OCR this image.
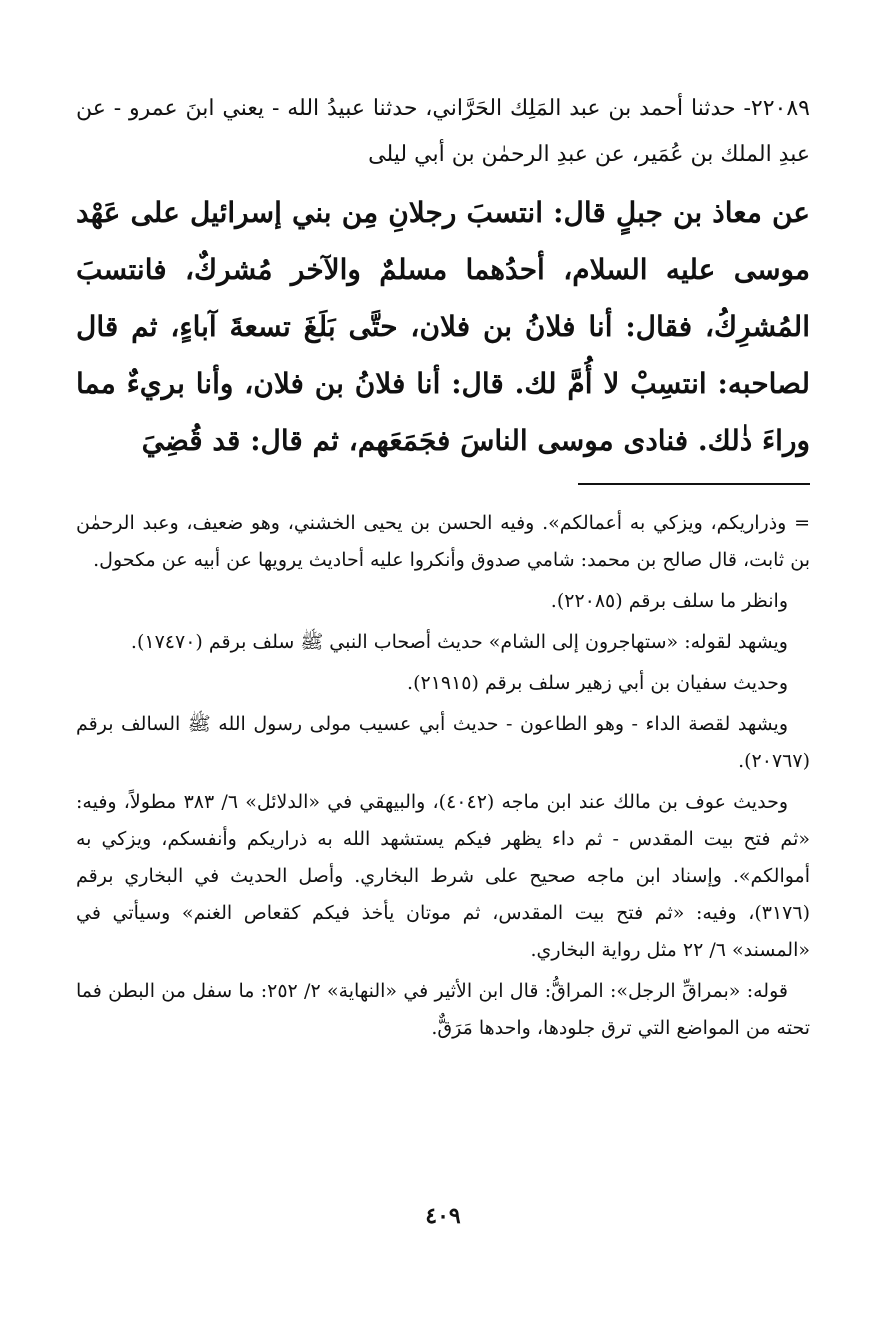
٢٢٠٨٩- حدثنا أحمد بن عبد المَلِك الحَرَّاني، حدثنا عبيدُ الله - يعني ابنَ عمرو - عن عبدِ الملك بن عُمَير، عن عبدِ الرحمٰن بن أبي ليلى
عن معاذ بن جبلٍ قال: انتسبَ رجلانِ مِن بني إسرائيل على عَهْد موسى عليه السلام، أحدُهما مسلمٌ والآخر مُشركٌ، فانتسبَ المُشرِكُ، فقال: أنا فلانُ بن فلان، حتَّى بَلَغَ تسعةَ آباءٍ، ثم قال لصاحبه: انتسِبْ لا أُمَّ لك. قال: أنا فلانُ بن فلان، وأنا بريءٌ مما وراءَ ذٰلك. فنادى موسى الناسَ فجَمَعَهم، ثم قال: قد قُضِيَ

= وذراريكم، ويزكي به أعمالكم». وفيه الحسن بن يحيى الخشني، وهو ضعيف، وعبد الرحمٰن بن ثابت، قال صالح بن محمد: شامي صدوق وأنكروا عليه أحاديث يرويها عن أبيه عن مكحول.

وانظر ما سلف برقم (٢٢٠٨٥).

ويشهد لقوله: «ستهاجرون إلى الشام» حديث أصحاب النبي ﷺ سلف برقم (١٧٤٧٠).

وحديث سفيان بن أبي زهير سلف برقم (٢١٩١٥).

ويشهد لقصة الداء - وهو الطاعون - حديث أبي عسيب مولى رسول الله ﷺ السالف برقم (٢٠٧٦٧).

وحديث عوف بن مالك عند ابن ماجه (٤٠٤٢)، والبيهقي في «الدلائل» ٦/ ٣٨٣ مطولاً، وفيه: «ثم فتح بيت المقدس - ثم داء يظهر فيكم يستشهد الله به ذراريكم وأنفسكم، ويزكي به أموالكم». وإسناد ابن ماجه صحيح على شرط البخاري. وأصل الحديث في البخاري برقم (٣١٧٦)، وفيه: «ثم فتح بيت المقدس، ثم موتان يأخذ فيكم كقعاص الغنم» وسيأتي في «المسند» ٦/ ٢٢ مثل رواية البخاري.

قوله: «بمراقِّ الرجل»: المراقُّ: قال ابن الأثير في «النهاية» ٢/ ٢٥٢: ما سفل من البطن فما تحته من المواضع التي ترق جلودها، واحدها مَرَقٌّ.

٤٠٩
